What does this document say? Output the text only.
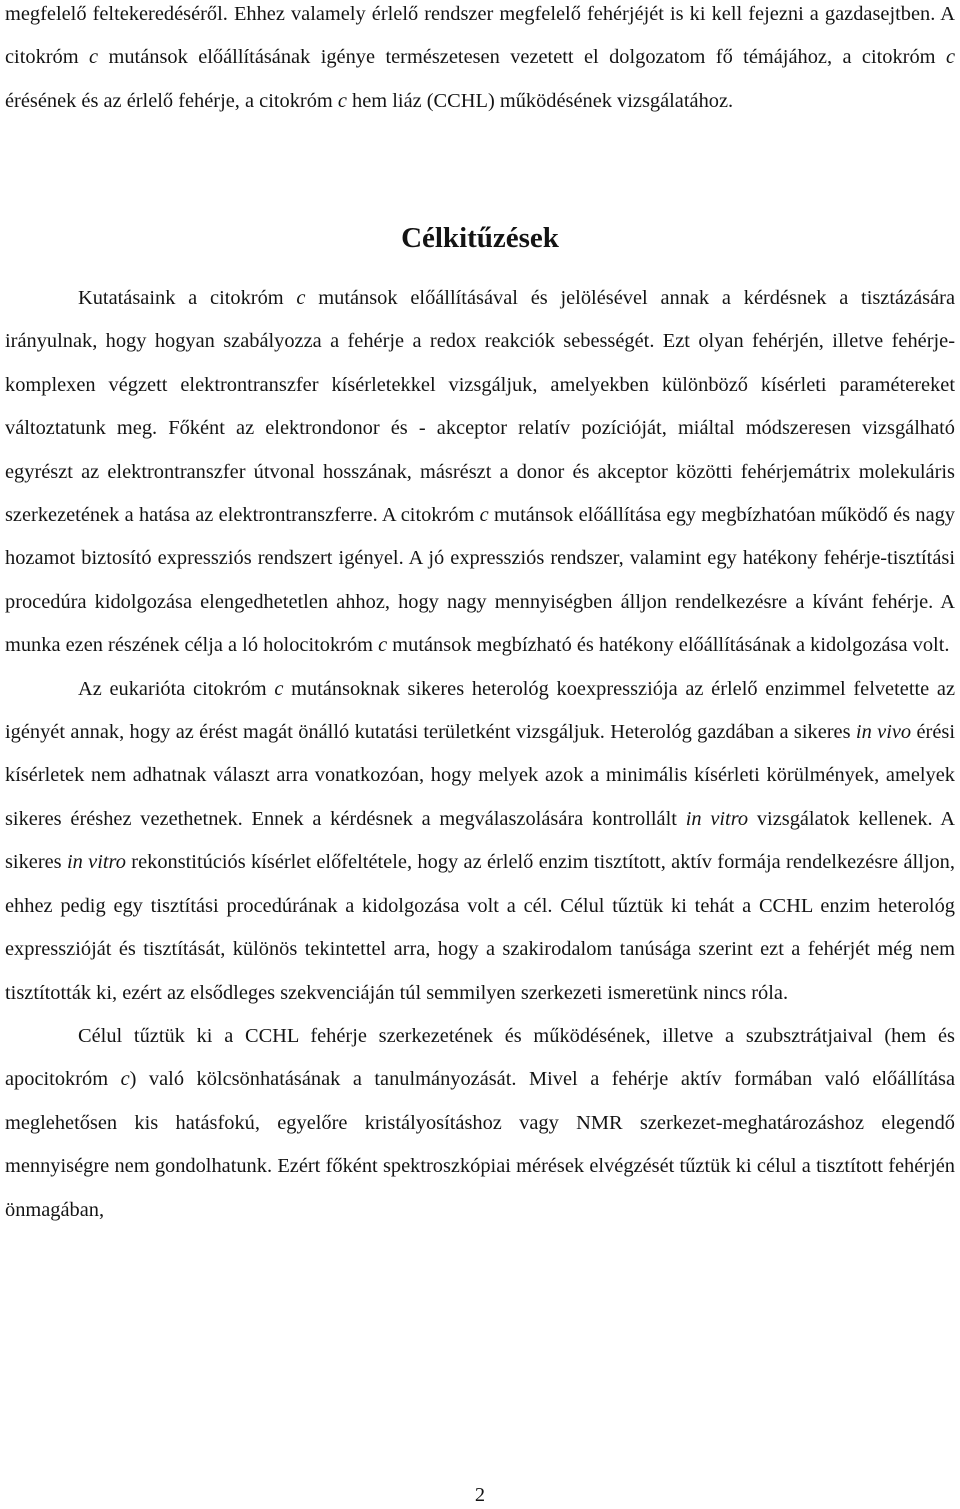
megfelelő feltekeredéséről. Ehhez valamely érlelő rendszer megfelelő fehérjéjét is ki kell fejezni a gazdasejtben. A citokróm c mutánsok előállításának igénye természetesen vezetett el dolgozatom fő témájához, a citokróm c érésének és az érlelő fehérje, a citokróm c hem liáz (CCHL) működésének vizsgálatához.

Célkitűzések

Kutatásaink a citokróm c mutánsok előállításával és jelölésével annak a kérdésnek a tisztázására irányulnak, hogy hogyan szabályozza a fehérje a redox reakciók sebességét. Ezt olyan fehérjén, illetve fehérje-komplexen végzett elektrontranszfer kísérletekkel vizsgáljuk, amelyekben különböző kísérleti paramétereket változtatunk meg. Főként az elektrondonor és - akceptor relatív pozícióját, miáltal módszeresen vizsgálható egyrészt az elektrontranszfer útvonal hosszának, másrészt a donor és akceptor közötti fehérjemátrix molekuláris szerkezetének a hatása az elektrontranszferre. A citokróm c mutánsok előállítása egy megbízhatóan működő és nagy hozamot biztosító expressziós rendszert igényel. A jó expressziós rendszer, valamint egy hatékony fehérje-tisztítási procedúra kidolgozása elengedhetetlen ahhoz, hogy nagy mennyiségben álljon rendelkezésre a kívánt fehérje. A munka ezen részének célja a ló holocitokróm c mutánsok megbízható és hatékony előállításának a kidolgozása volt.

Az eukarióta citokróm c mutánsoknak sikeres heterológ koexpressziója az érlelő enzimmel felvetette az igényét annak, hogy az érést magát önálló kutatási területként vizsgáljuk. Heterológ gazdában a sikeres in vivo érési kísérletek nem adhatnak választ arra vonatkozóan, hogy melyek azok a minimális kísérleti körülmények, amelyek sikeres éréshez vezethetnek. Ennek a kérdésnek a megválaszolására kontrollált in vitro vizsgálatok kellenek. A sikeres in vitro rekonstitúciós kísérlet előfeltétele, hogy az érlelő enzim tisztított, aktív formája rendelkezésre álljon, ehhez pedig egy tisztítási procedúrának a kidolgozása volt a cél. Célul tűztük ki tehát a CCHL enzim heterológ expresszióját és tisztítását, különös tekintettel arra, hogy a szakirodalom tanúsága szerint ezt a fehérjét még nem tisztították ki, ezért az elsődleges szekvenciáján túl semmilyen szerkezeti ismeretünk nincs róla.

Célul tűztük ki a CCHL fehérje szerkezetének és működésének, illetve a szubsztrátjaival (hem és apocitokróm c) való kölcsönhatásának a tanulmányozását. Mivel a fehérje aktív formában való előállítása meglehetősen kis hatásfokú, egyelőre kristályosításhoz vagy NMR szerkezet-meghatározáshoz elegendő mennyiségre nem gondolhatunk. Ezért főként spektroszkópiai mérések elvégzését tűztük ki célul a tisztított fehérjén önmagában,

2
